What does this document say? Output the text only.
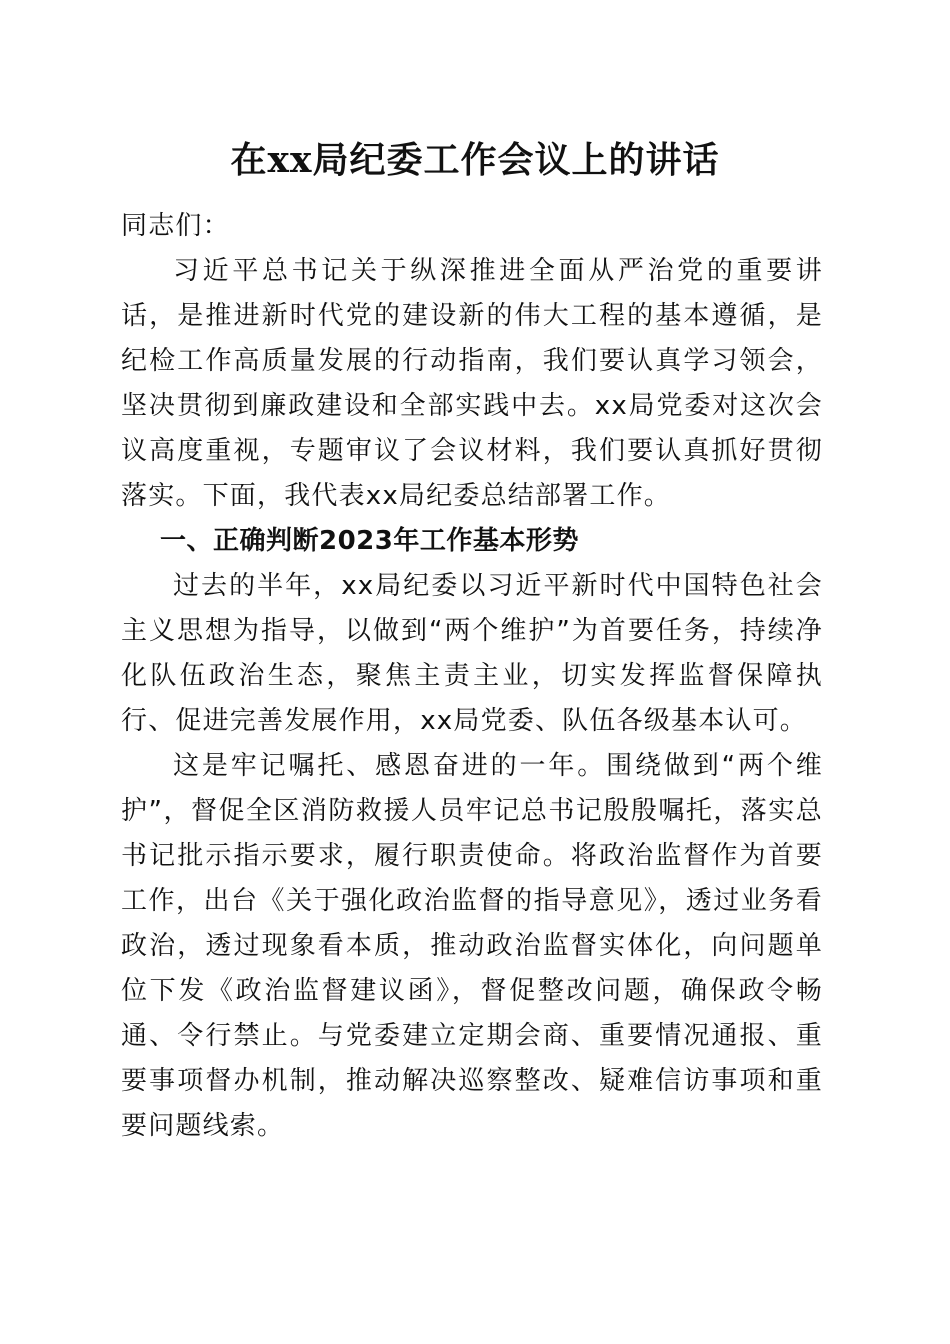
在xx局纪委工作会议上的讲话

同志们：

习近平总书记关于纵深推进全面从严治党的重要讲话，是推进新时代党的建设新的伟大工程的基本遵循，是纪检工作高质量发展的行动指南，我们要认真学习领会，坚决贯彻到廉政建设和全部实践中去。xx局党委对这次会议高度重视，专题审议了会议材料，我们要认真抓好贯彻落实。下面，我代表xx局纪委总结部署工作。

一、正确判断2023年工作基本形势

过去的半年，xx局纪委以习近平新时代中国特色社会主义思想为指导，以做到“两个维护”为首要任务，持续净化队伍政治生态，聚焦主责主业，切实发挥监督保障执行、促进完善发展作用，xx局党委、队伍各级基本认可。

这是牢记嘱托、感恩奋进的一年。围绕做到“两个维护”，督促全区消防救援人员牢记总书记殷殷嘱托，落实总书记批示指示要求，履行职责使命。将政治监督作为首要工作，出台《关于强化政治监督的指导意见》，透过业务看政治，透过现象看本质，推动政治监督实体化，向问题单位下发《政治监督建议函》，督促整改问题，确保政令畅通、令行禁止。与党委建立定期会商、重要情况通报、重要事项督办机制，推动解决巡察整改、疑难信访事项和重要问题线索。
